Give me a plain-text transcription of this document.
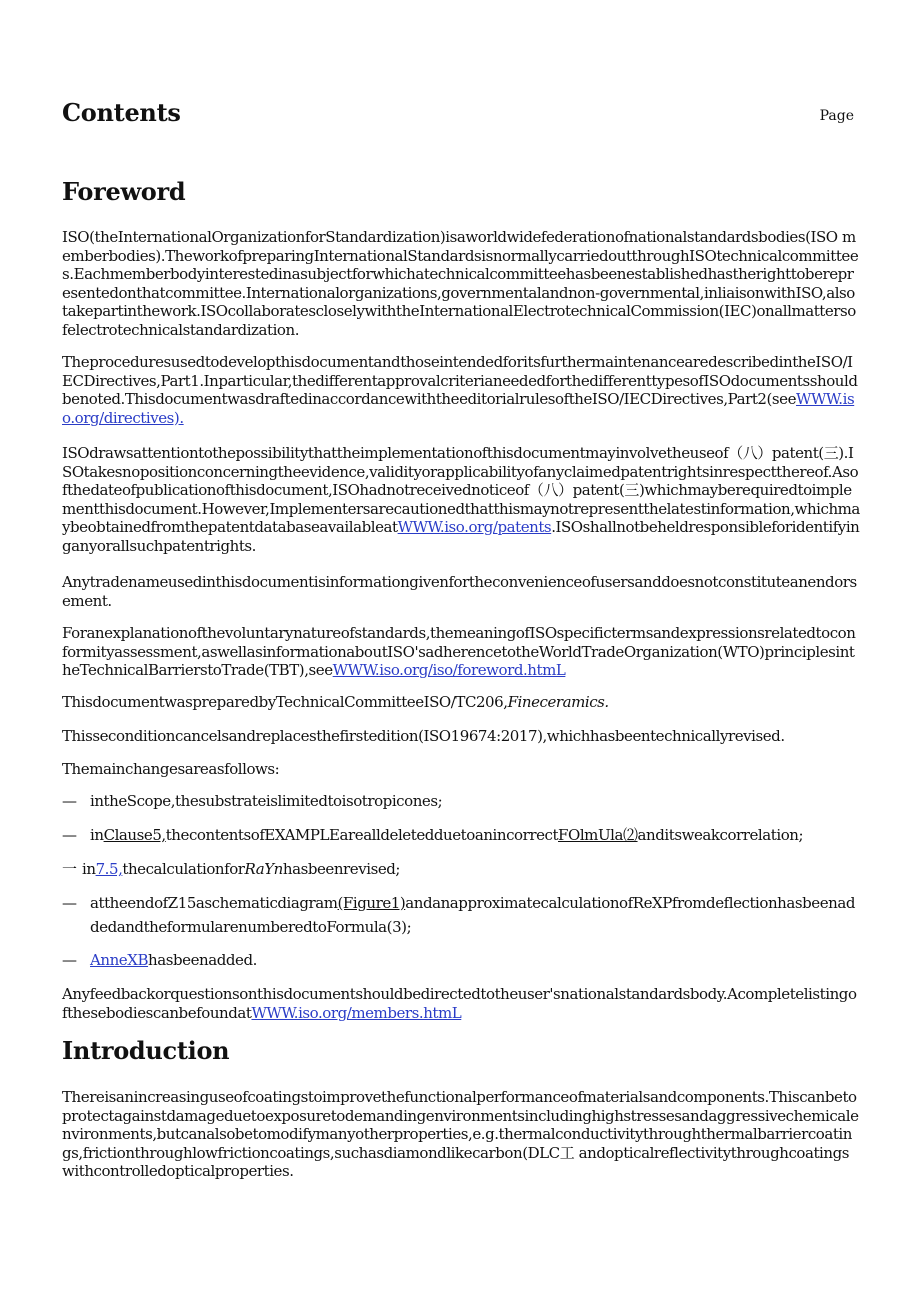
Contents	Page
Foreword

ISO(theInternationalOrganizationforStandardization)isaworldwidefederationofnationalstandardsbodies(ISO memberbodies).TheworkofpreparingInternationalStandardsisnormallycarriedoutthroughISOtechnicalcommittees.Eachmemberbodyinterestedinasubjectforwhichatechnicalcommitteehasbeenestablishedhastherighttoberepresentedonthatcommittee.Internationalorganizations,governmentalandnon-governmental,inliaisonwithISO,alsotakepartinthework.ISOcollaboratescloselywiththeInternationalElectrotechnicalCommission(IEC)onallmattersofelectrotechnicalstandardization.

TheproceduresusedtodevelopthisdocumentandthoseintendedforitsfurthermaintenancearedescribedintheISO/IECDirectives,Part1.Inparticular,thedifferentapprovalcriterianeededforthedifferenttypesofISOdocumentsshouldbenoted.ThisdocumentwasdraftedinaccordancewiththeeditorialrulesoftheISO/IECDirectives,Part2(seeWWW.iso.org/directives).

ISOdrawsattentiontothepossibilitythattheimplementationofthisdocumentmayinvolvetheuseof（八）patent(三).ISOtakesnopositionconcerningtheevidence,validityorapplicabilityofanyclaimedpatentrightsinrespectthereof.Asofthedateofpublicationofthisdocument,ISOhadnotreceivednoticeof（八）patent(三)whichmayberequiredtoimplementthisdocument.However,Implementersarecautionedthatthismaynotrepresentthelatestinformation,whichmaybeobtainedfromthepatentdatabaseavailableatWWW.iso.org/patents.ISOshallnotbeheldresponsibleforidentifyinganyorallsuchpatentrights.

Anytradenameusedinthisdocumentisinformationgivenfortheconvenienceofusersanddoesnotconstituteanendorsement.

Foranexplanationofthevoluntarynatureofstandards,themeaningofISOspecifictermsandexpressionsrelatedtoconformityassessment,aswellasinformationaboutISO'sadherencetotheWorldTradeOrganization(WTO)principlesintheTechnicalBarrierstoTrade(TBT),seeWWW.iso.org/iso/foreword.htmL

ThisdocumentwaspreparedbyTechnicalCommitteeISO/TC206,Fineceramics.

Thisseconditioncancelsandreplacesthefirstedition(ISO19674:2017),whichhasbeentechnicallyrevised.

Themainchangesareasfollows:

— intheScope,thesubstrateislimitedtoisotropicones;
— inClause5,thecontentsofEXAMPLEarealldeletedduetoanincorrectFOlmUla⑵anditsweakcorrelation;
一 in7.5,thecalculationforRaYnhasbeenrevised;
— attheendofZ15aschematicdiagram(Figure1)andanapproximatecalculationofReXPfromdeflectionhasbeenaddedandtheformularenumberedtoFormula(3);
— AnneXBhasbeenadded.

Anyfeedbackorquestionsonthisdocumentshouldbedirectedtotheuser'snationalstandardsbody.AcompletelistingofthesebodiescanbefoundatWWW.iso.org/members.htmL

Introduction

Thereisanincreasinguseofcoatingstoimprovethefunctionalperformanceofmaterialsandcomponents.Thiscanbetoprotectagainstdamageduetoexposuretodemandingenvironmentsincludinghighstressesandaggressivechemicalenvironments,butcanalsobetomodifymanyotherproperties,e.g.thermalconductivitythroughthermalbarriercoatings,frictionthroughlowfrictioncoatings,suchasdiamondlikecarbon(DLC工 andopticalreflectivitythroughcoatingswithcontrolledopticalproperties.
